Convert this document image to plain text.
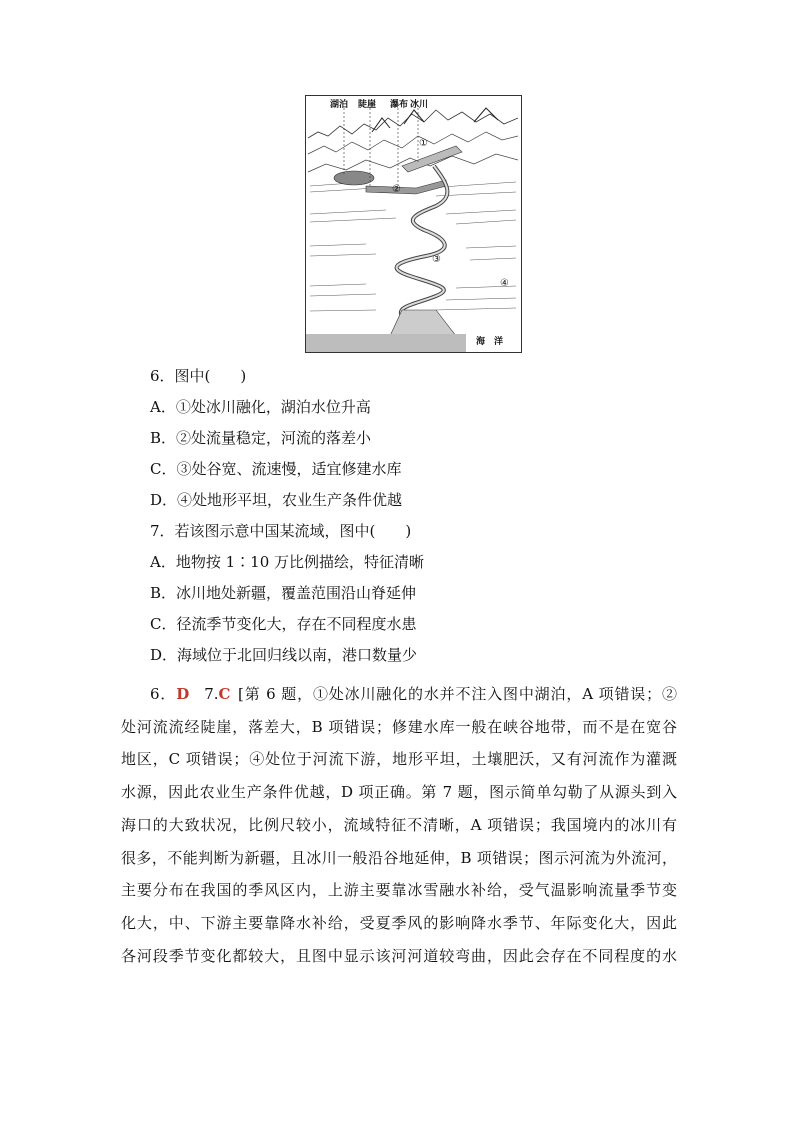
湖泊 陡崖 瀑布 冰川
①
②
③
④
海　洋
6．图中(　　)
A．①处冰川融化，湖泊水位升高
B．②处流量稳定，河流的落差小
C．③处谷宽、流速慢，适宜修建水库
D．④处地形平坦，农业生产条件优越
7．若该图示意中国某流域，图中(　　)
A．地物按 1∶10 万比例描绘，特征清晰
B．冰川地处新疆，覆盖范围沿山脊延伸
C．径流季节变化大，存在不同程度水患
D．海域位于北回归线以南，港口数量少
6．D  7.C  [第 6 题，①处冰川融化的水并不注入图中湖泊，A 项错误；②
处河流流经陡崖，落差大，B 项错误；修建水库一般在峡谷地带，而不是在宽谷
地区，C 项错误；④处位于河流下游，地形平坦，土壤肥沃，又有河流作为灌溉
水源，因此农业生产条件优越，D 项正确。第 7 题，图示简单勾勒了从源头到入
海口的大致状况，比例尺较小，流域特征不清晰，A 项错误；我国境内的冰川有
很多，不能判断为新疆，且冰川一般沿谷地延伸，B 项错误；图示河流为外流河，
主要分布在我国的季风区内，上游主要靠冰雪融水补给，受气温影响流量季节变
化大，中、下游主要靠降水补给，受夏季风的影响降水季节、年际变化大，因此
各河段季节变化都较大，且图中显示该河河道较弯曲，因此会存在不同程度的水
